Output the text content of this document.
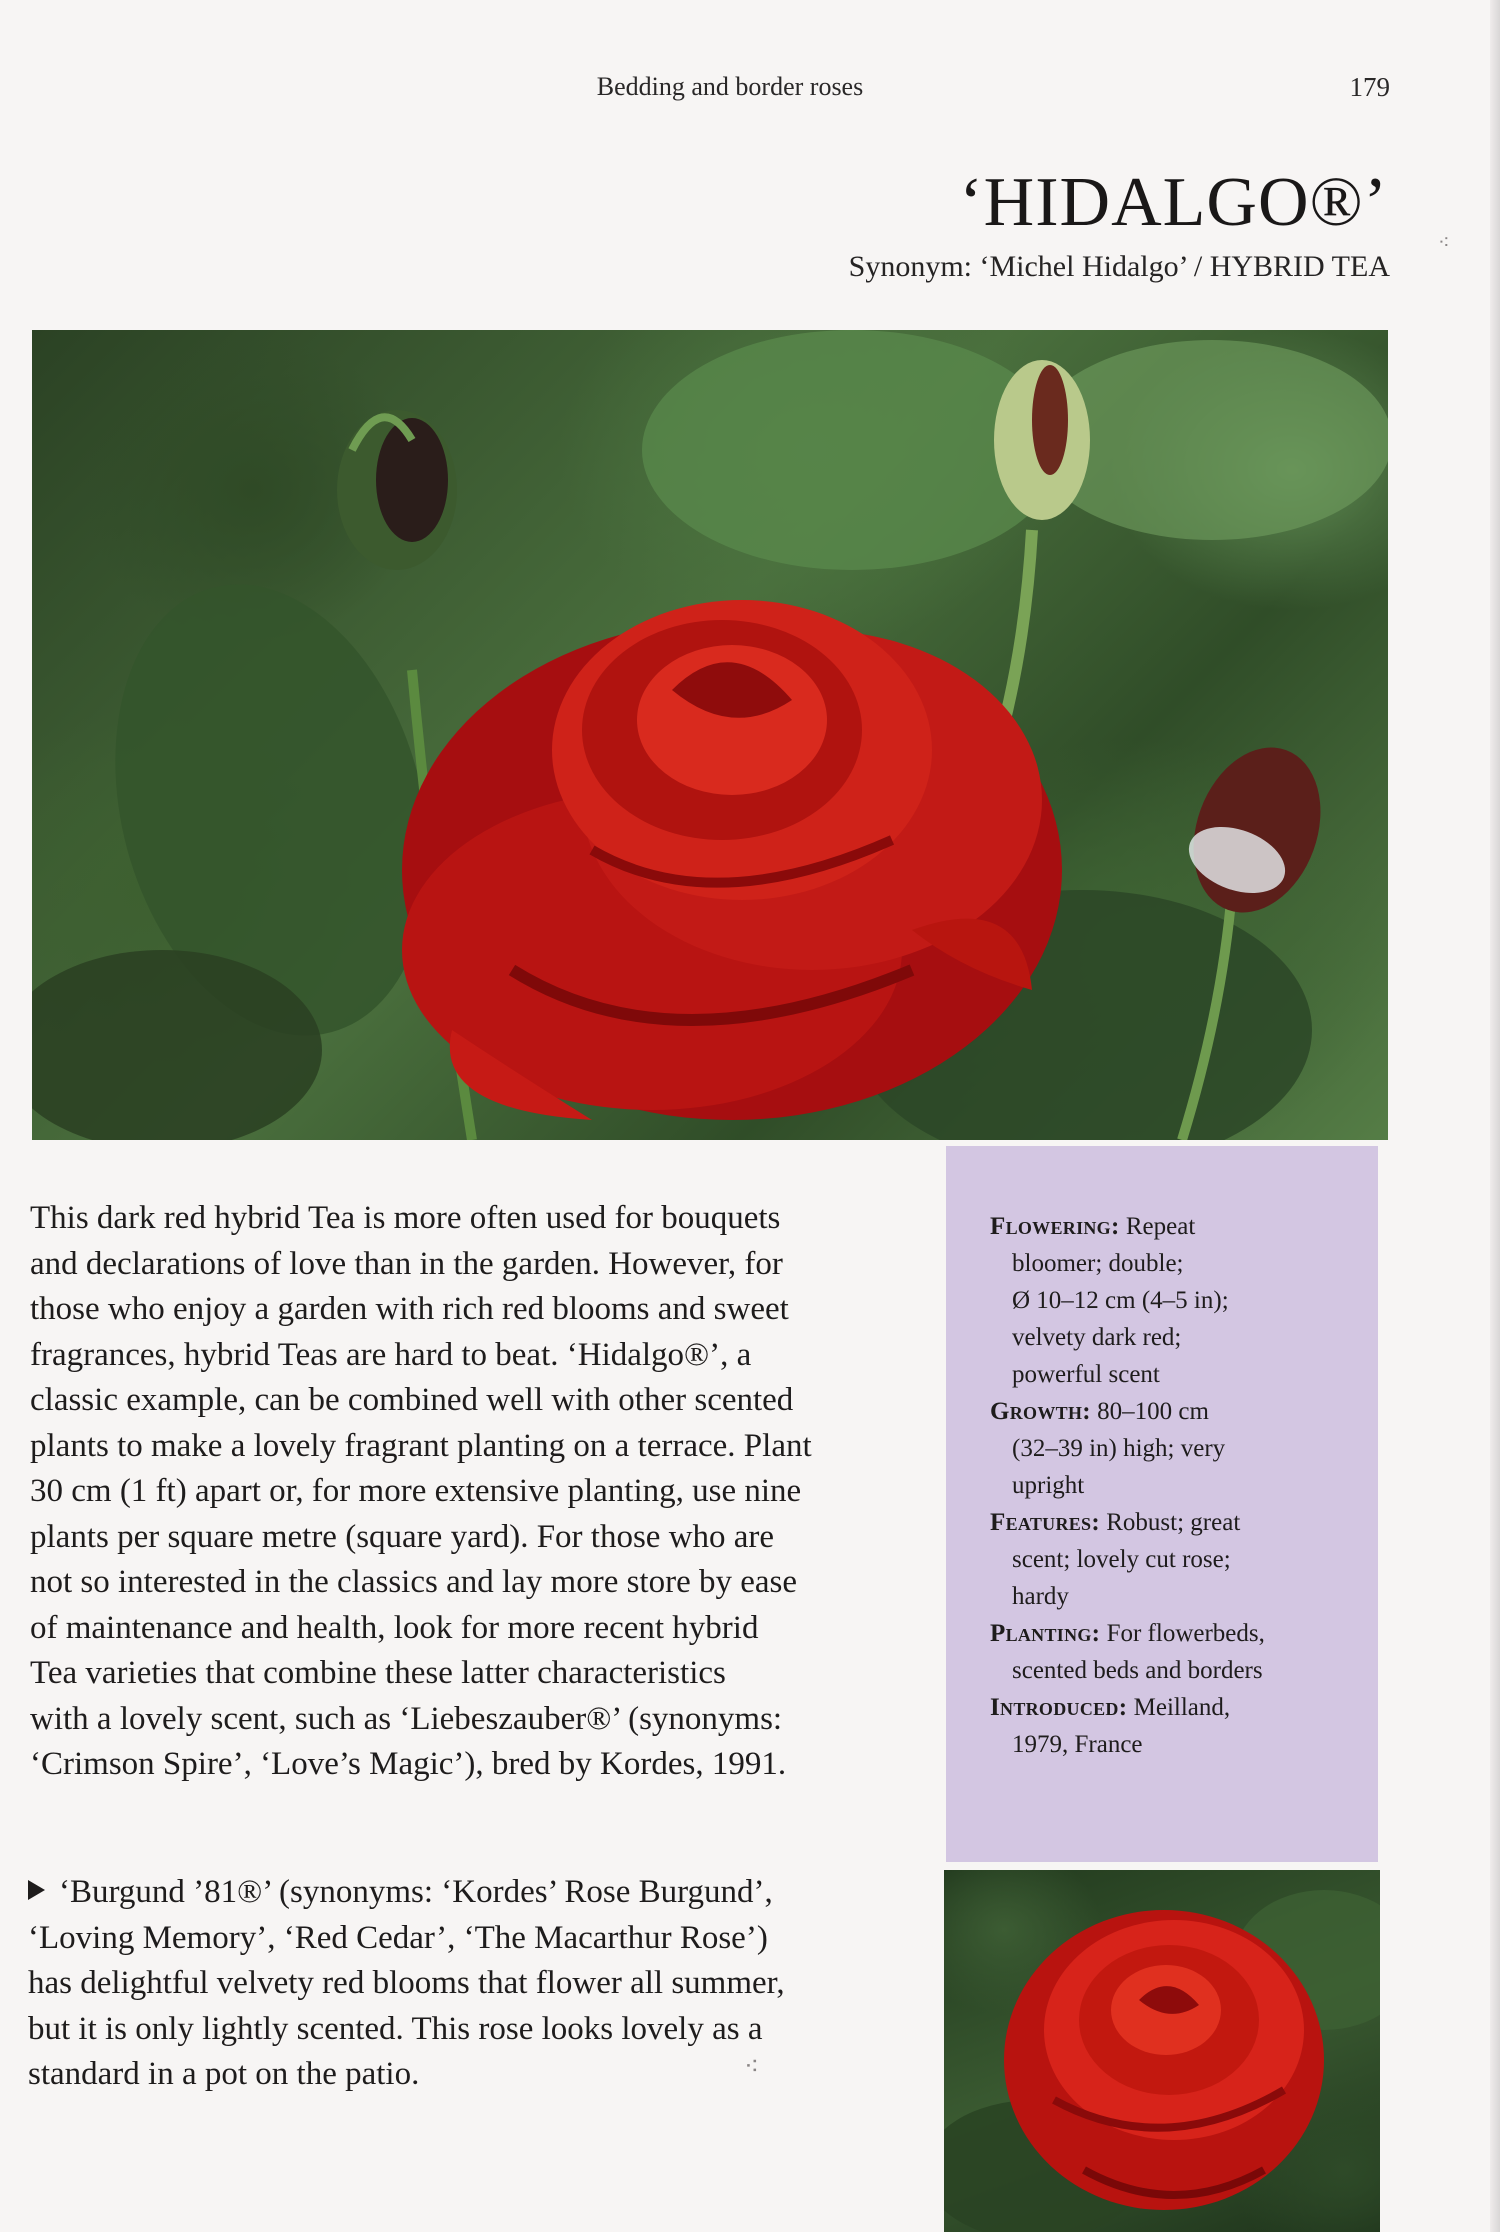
Bedding and border roses	179
‘HIDALGO®’
Synonym: ‘Michel Hidalgo’ / HYBRID TEA
⁖
This dark red hybrid Tea is more often used for bouquets
and declarations of love than in the garden. However, for
those who enjoy a garden with rich red blooms and sweet
fragrances, hybrid Teas are hard to beat. ‘Hidalgo®’, a
classic example, can be combined well with other scented
plants to make a lovely fragrant planting on a terrace. Plant
30 cm (1 ft) apart or, for more extensive planting, use nine
plants per square metre (square yard). For those who are
not so interested in the classics and lay more store by ease
of maintenance and health, look for more recent hybrid
Tea varieties that combine these latter characteristics
with a lovely scent, such as ‘Liebeszauber®’ (synonyms:
‘Crimson Spire’, ‘Love’s Magic’), bred by Kordes, 1991.

Flowering: Repeat
bloomer; double;
Ø 10–12 cm (4–5 in);
velvety dark red;
powerful scent

Growth: 80–100 cm
(32–39 in) high; very
upright

Features: Robust; great
scent; lovely cut rose;
hardy

Planting: For flowerbeds,
scented beds and borders

Introduced: Meilland,
1979, France

‘Burgund ’81®’ (synonyms: ‘Kordes’ Rose Burgund’,
‘Loving Memory’, ‘Red Cedar’, ‘The Macarthur Rose’)
has delightful velvety red blooms that flower all summer,
but it is only lightly scented. This rose looks lovely as a
standard in a pot on the patio.	⁖
